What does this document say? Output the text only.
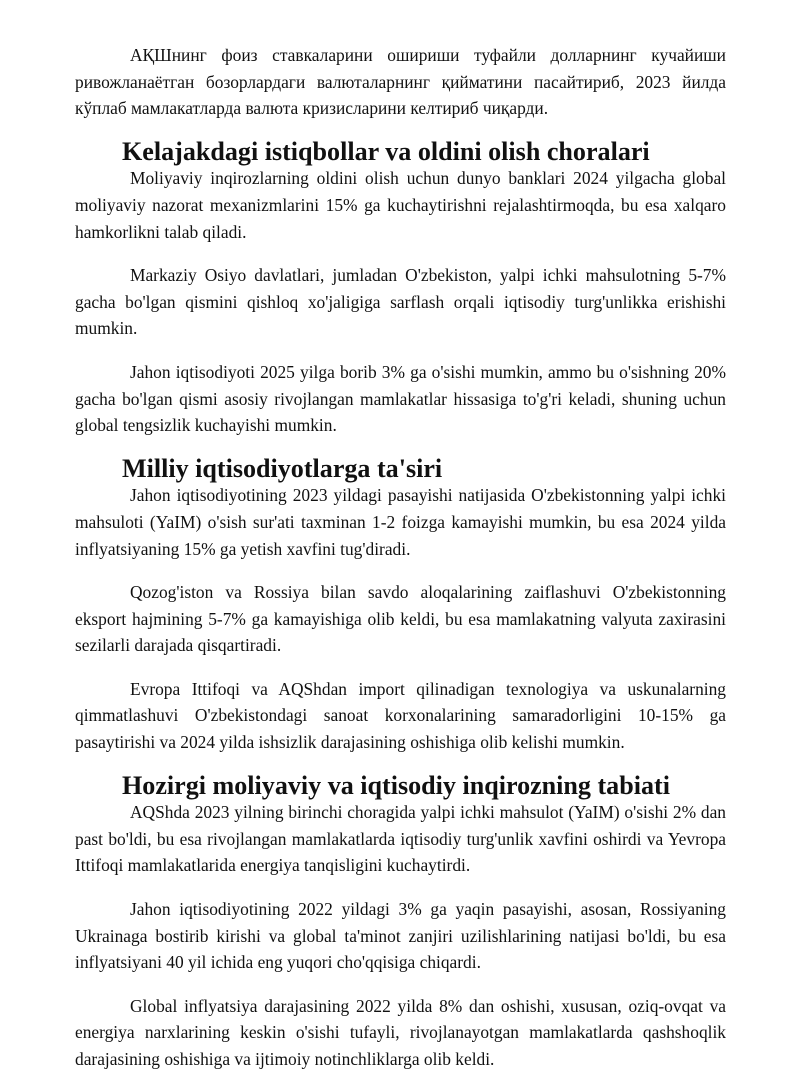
АҚШнинг фоиз ставкаларини ошириши туфайли долларнинг кучайиши ривожланаётган бозорлардаги валюталарнинг қийматини пасайтириб, 2023 йилда кўплаб мамлакатларда валюта кризисларини келтириб чиқарди.

Kelajakdagi istiqbollar va oldini olish choralari

Moliyaviy inqirozlarning oldini olish uchun dunyo banklari 2024 yilgacha global moliyaviy nazorat mexanizmlarini 15% ga kuchaytirishni rejalashtirmoqda, bu esa xalqaro hamkorlikni talab qiladi.

Markaziy Osiyo davlatlari, jumladan O'zbekiston, yalpi ichki mahsulotning 5-7% gacha bo'lgan qismini qishloq xo'jaligiga sarflash orqali iqtisodiy turg'unlikka erishishi mumkin.

Jahon iqtisodiyoti 2025 yilga borib 3% ga o'sishi mumkin, ammo bu o'sishning 20% gacha bo'lgan qismi asosiy rivojlangan mamlakatlar hissasiga to'g'ri keladi, shuning uchun global tengsizlik kuchayishi mumkin.

Milliy iqtisodiyotlarga ta'siri

Jahon iqtisodiyotining 2023 yildagi pasayishi natijasida O'zbekistonning yalpi ichki mahsuloti (YaIM) o'sish sur'ati taxminan 1-2 foizga kamayishi mumkin, bu esa 2024 yilda inflyatsiyaning 15% ga yetish xavfini tug'diradi.

Qozog'iston va Rossiya bilan savdo aloqalarining zaiflashuvi O'zbekistonning eksport hajmining 5-7% ga kamayishiga olib keldi, bu esa mamlakatning valyuta zaxirasini sezilarli darajada qisqartiradi.

Evropa Ittifoqi va AQShdan import qilinadigan texnologiya va uskunalarning qimmatlashuvi O'zbekistondagi sanoat korxonalarining samaradorligini 10-15% ga pasaytirishi va 2024 yilda ishsizlik darajasining oshishiga olib kelishi mumkin.

Hozirgi moliyaviy va iqtisodiy inqirozning tabiati

AQShda 2023 yilning birinchi choragida yalpi ichki mahsulot (YaIM) o'sishi 2% dan past bo'ldi, bu esa rivojlangan mamlakatlarda iqtisodiy turg'unlik xavfini oshirdi va Yevropa Ittifoqi mamlakatlarida energiya tanqisligini kuchaytirdi.

Jahon iqtisodiyotining 2022 yildagi 3% ga yaqin pasayishi, asosan, Rossiyaning Ukrainaga bostirib kirishi va global ta'minot zanjiri uzilishlarining natijasi bo'ldi, bu esa inflyatsiyani 40 yil ichida eng yuqori cho'qqisiga chiqardi.

Global inflyatsiya darajasining 2022 yilda 8% dan oshishi, xususan, oziq-ovqat va energiya narxlarining keskin o'sishi tufayli, rivojlanayotgan mamlakatlarda qashshoqlik darajasining oshishiga va ijtimoiy notinchliklarga olib keldi.
